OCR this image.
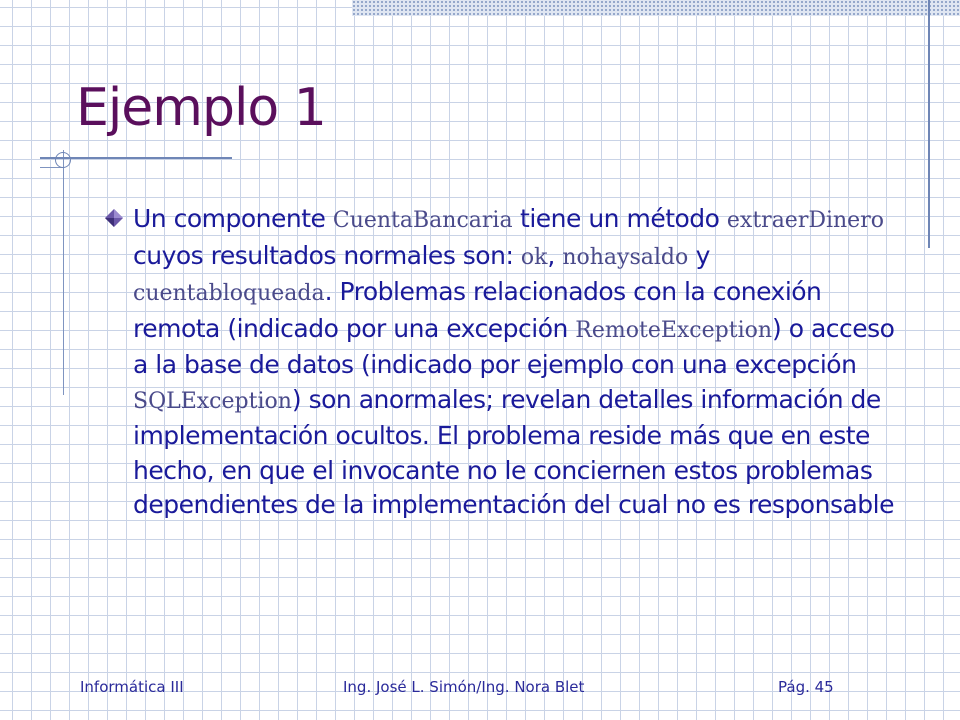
Ejemplo 1

Un componente CuentaBancaria tiene un método extraerDinero cuyos resultados normales son: ok, nohaysaldo y cuentabloqueada. Problemas relacionados con la conexión remota (indicado por una excepción RemoteException) o acceso a la base de datos (indicado por ejemplo con una excepción SQLException) son anormales; revelan detalles información de implementación ocultos. El problema reside más que en este hecho, en que el invocante no le conciernen estos problemas dependientes de la implementación del cual no es responsable

Informática III	Ing. José L. Simón/Ing. Nora Blet	Pág. 45
